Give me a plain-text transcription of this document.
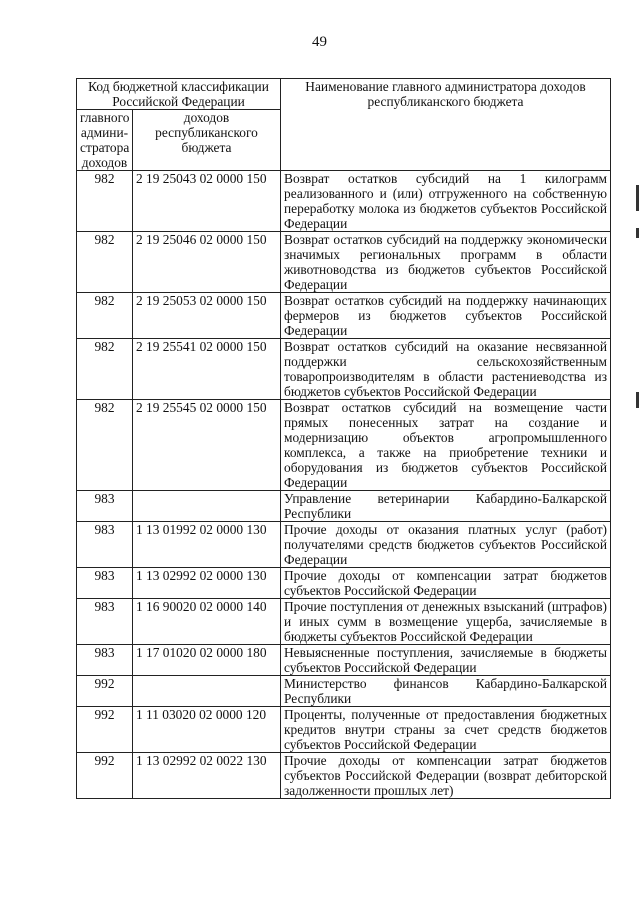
49
Код бюджетной классификации Российской Федерации		Наименование главного администратора доходов республиканского бюджета
главного админи-стратора доходов	доходов республиканского бюджета	
982	2 19 25043 02 0000 150	Возврат остатков субсидий на 1 килограмм реализованного и (или) отгруженного на собственную переработку молока из бюджетов субъектов Российской Федерации
982	2 19 25046 02 0000 150	Возврат остатков субсидий на поддержку экономически значимых региональных программ в области животноводства из бюджетов субъектов Российской Федерации
982	2 19 25053 02 0000 150	Возврат остатков субсидий на поддержку начинающих фермеров из бюджетов субъектов Российской Федерации
982	2 19 25541 02 0000 150	Возврат остатков субсидий на оказание несвязанной поддержки сельскохозяйственным товаропроизводителям в области растениеводства из бюджетов субъектов Российской Федерации
982	2 19 25545 02 0000 150	Возврат остатков субсидий на возмещение части прямых понесенных затрат на создание и модернизацию объектов агропромышленного комплекса, а также на приобретение техники и оборудования из бюджетов субъектов Российской Федерации
983		Управление ветеринарии Кабардино-Балкарской Республики
983	1 13 01992 02 0000 130	Прочие доходы от оказания платных услуг (работ) получателями средств бюджетов субъектов Российской Федерации
983	1 13 02992 02 0000 130	Прочие доходы от компенсации затрат бюджетов субъектов Российской Федерации
983	1 16 90020 02 0000 140	Прочие поступления от денежных взысканий (штрафов) и иных сумм в возмещение ущерба, зачисляемые в бюджеты субъектов Российской Федерации
983	1 17 01020 02 0000 180	Невыясненные поступления, зачисляемые в бюджеты субъектов Российской Федерации
992		Министерство финансов Кабардино-Балкарской Республики
992	1 11 03020 02 0000 120	Проценты, полученные от предоставления бюджетных кредитов внутри страны за счет средств бюджетов субъектов Российской Федерации
992	1 13 02992 02 0022 130	Прочие доходы от компенсации затрат бюджетов субъектов Российской Федерации (возврат дебиторской задолженности прошлых лет)
